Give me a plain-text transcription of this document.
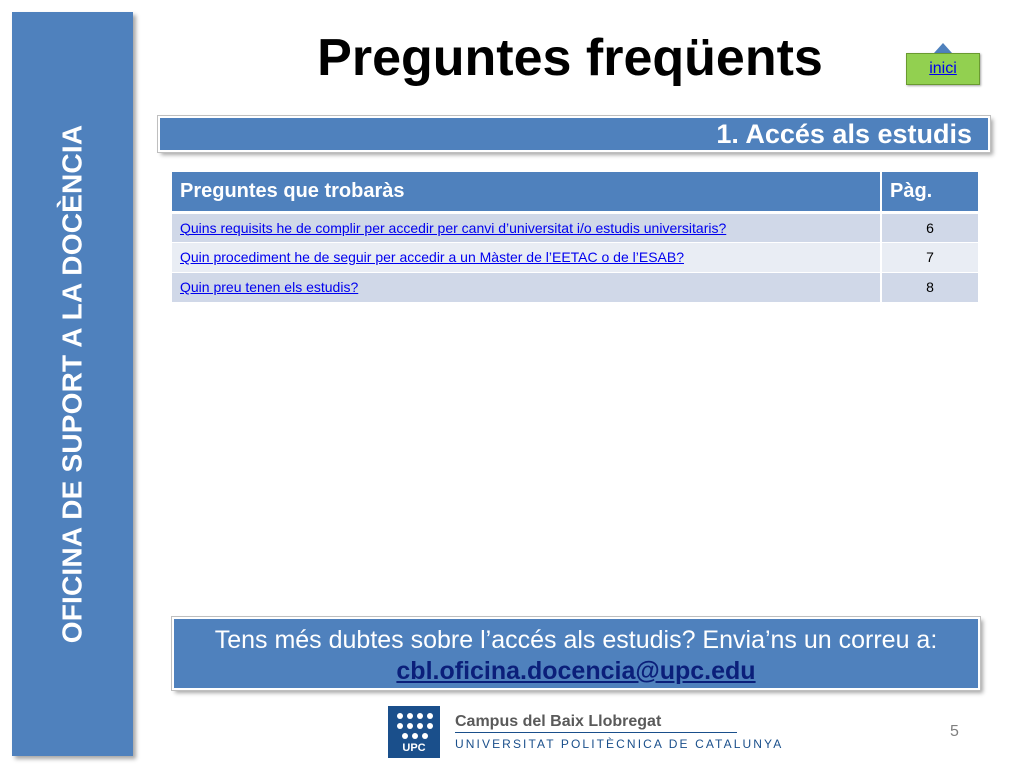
OFICINA DE SUPORT A LA DOCÈNCIA
Preguntes freqüents	inici
1. Accés als estudis
Preguntes que trobaràs	Pàg.
Quins requisits he de complir per accedir per canvi d’universitat i/o estudis universitaris?	6
Quin procediment he de seguir per accedir a un Màster de l’EETAC o de l’ESAB?	7
Quin preu tenen els estudis?	8
Tens més dubtes sobre l’accés als estudis? Envia’ns un correu a:
cbl.oficina.docencia@upc.edu
UPC
Campus del Baix Llobregat
UNIVERSITAT POLITÈCNICA DE CATALUNYA
5
